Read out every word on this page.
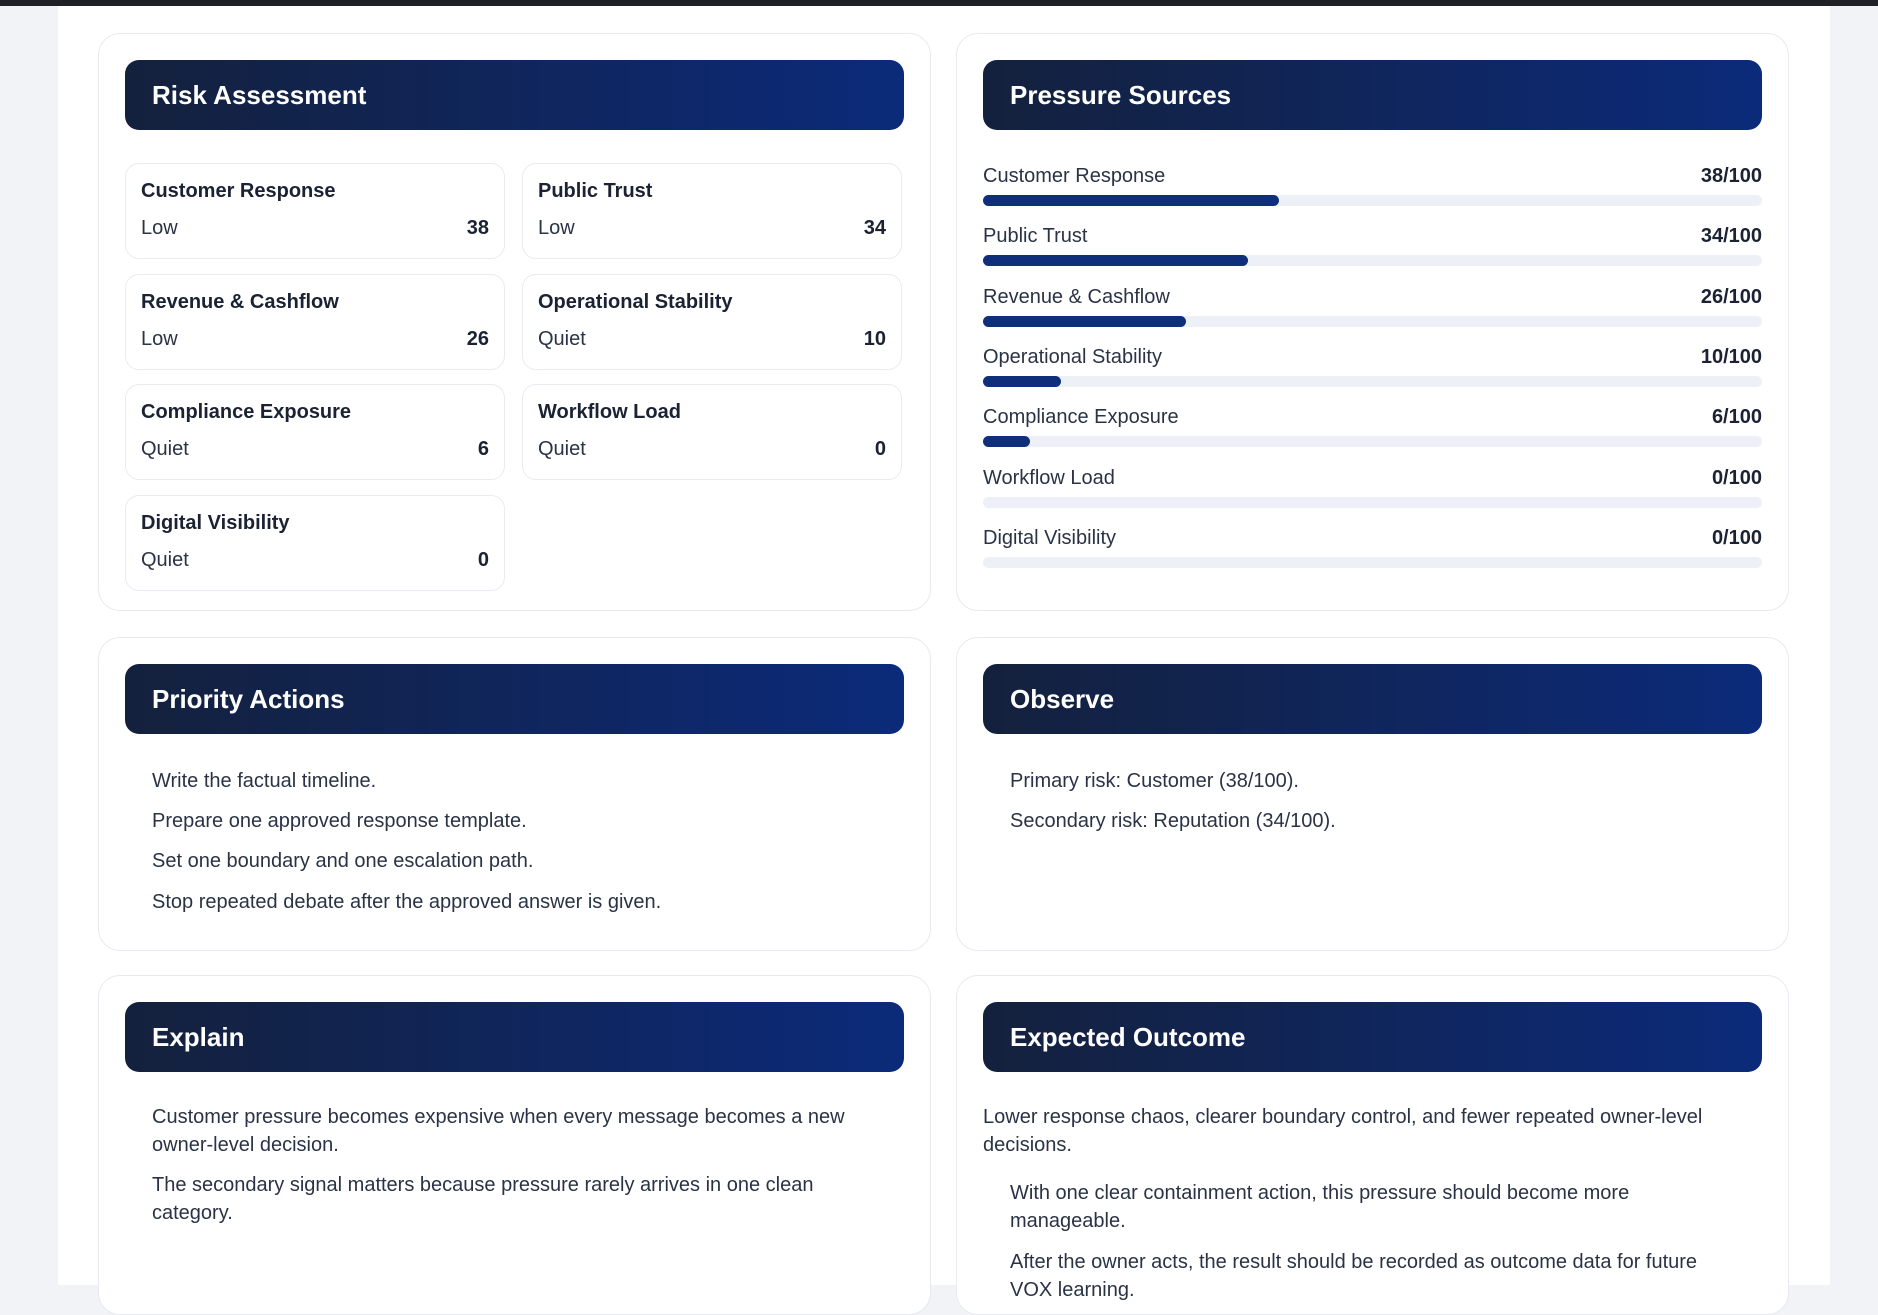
Risk Assessment
Customer Response
Low	38
Public Trust
Low	34
Revenue & Cashflow
Low	26
Operational Stability
Quiet	10
Compliance Exposure
Quiet	6
Workflow Load
Quiet	0
Digital Visibility
Quiet	0
Pressure Sources
Customer Response	38/100
Public Trust	34/100
Revenue & Cashflow	26/100
Operational Stability	10/100
Compliance Exposure	6/100
Workflow Load	0/100
Digital Visibility	0/100
Priority Actions
Write the factual timeline.
Prepare one approved response template.
Set one boundary and one escalation path.
Stop repeated debate after the approved answer is given.
Observe
Primary risk: Customer (38/100).
Secondary risk: Reputation (34/100).
Explain
Customer pressure becomes expensive when every message becomes a new owner-level decision.
The secondary signal matters because pressure rarely arrives in one clean category.
Expected Outcome
Lower response chaos, clearer boundary control, and fewer repeated owner-level decisions.
With one clear containment action, this pressure should become more manageable.
After the owner acts, the result should be recorded as outcome data for future VOX learning.
